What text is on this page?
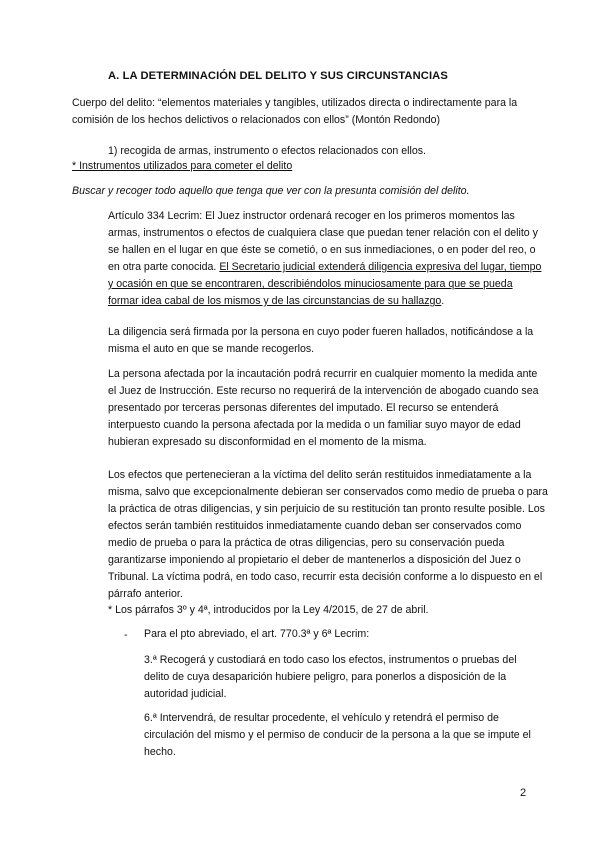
A. LA DETERMINACIÓN DEL DELITO Y SUS CIRCUNSTANCIAS
Cuerpo del delito: “elementos materiales y tangibles, utilizados directa o indirectamente para la comisión de los hechos delictivos o relacionados con ellos” (Montón Redondo)
1) recogida de armas, instrumento o efectos relacionados con ellos.
* Instrumentos utilizados para cometer el delito
Buscar y recoger todo aquello que tenga que ver con la presunta comisión del delito.
Artículo 334 Lecrim: El Juez instructor ordenará recoger en los primeros momentos las armas, instrumentos o efectos de cualquiera clase que puedan tener relación con el delito y se hallen en el lugar en que éste se cometió, o en sus inmediaciones, o en poder del reo, o en otra parte conocida. El Secretario judicial extenderá diligencia expresiva del lugar, tiempo y ocasión en que se encontraren, describiéndolos minuciosamente para que se pueda formar idea cabal de los mismos y de las circunstancias de su hallazgo.
La diligencia será firmada por la persona en cuyo poder fueren hallados, notificándose a la misma el auto en que se mande recogerlos.
La persona afectada por la incautación podrá recurrir en cualquier momento la medida ante el Juez de Instrucción. Este recurso no requerirá de la intervención de abogado cuando sea presentado por terceras personas diferentes del imputado. El recurso se entenderá interpuesto cuando la persona afectada por la medida o un familiar suyo mayor de edad hubieran expresado su disconformidad en el momento de la misma.
Los efectos que pertenecieran a la víctima del delito serán restituidos inmediatamente a la misma, salvo que excepcionalmente debieran ser conservados como medio de prueba o para la práctica de otras diligencias, y sin perjuicio de su restitución tan pronto resulte posible. Los efectos serán también restituidos inmediatamente cuando deban ser conservados como medio de prueba o para la práctica de otras diligencias, pero su conservación pueda garantizarse imponiendo al propietario el deber de mantenerlos a disposición del Juez o Tribunal. La víctima podrá, en todo caso, recurrir esta decisión conforme a lo dispuesto en el párrafo anterior.
* Los párrafos 3º y 4ª, introducidos por la Ley 4/2015, de 27 de abril.
- Para el pto abreviado, el art. 770.3ª y 6ª Lecrim:
3.ª Recogerá y custodiará en todo caso los efectos, instrumentos o pruebas del delito de cuya desaparición hubiere peligro, para ponerlos a disposición de la autoridad judicial.
6.ª Intervendrá, de resultar procedente, el vehículo y retendrá el permiso de circulación del mismo y el permiso de conducir de la persona a la que se impute el hecho.
2
